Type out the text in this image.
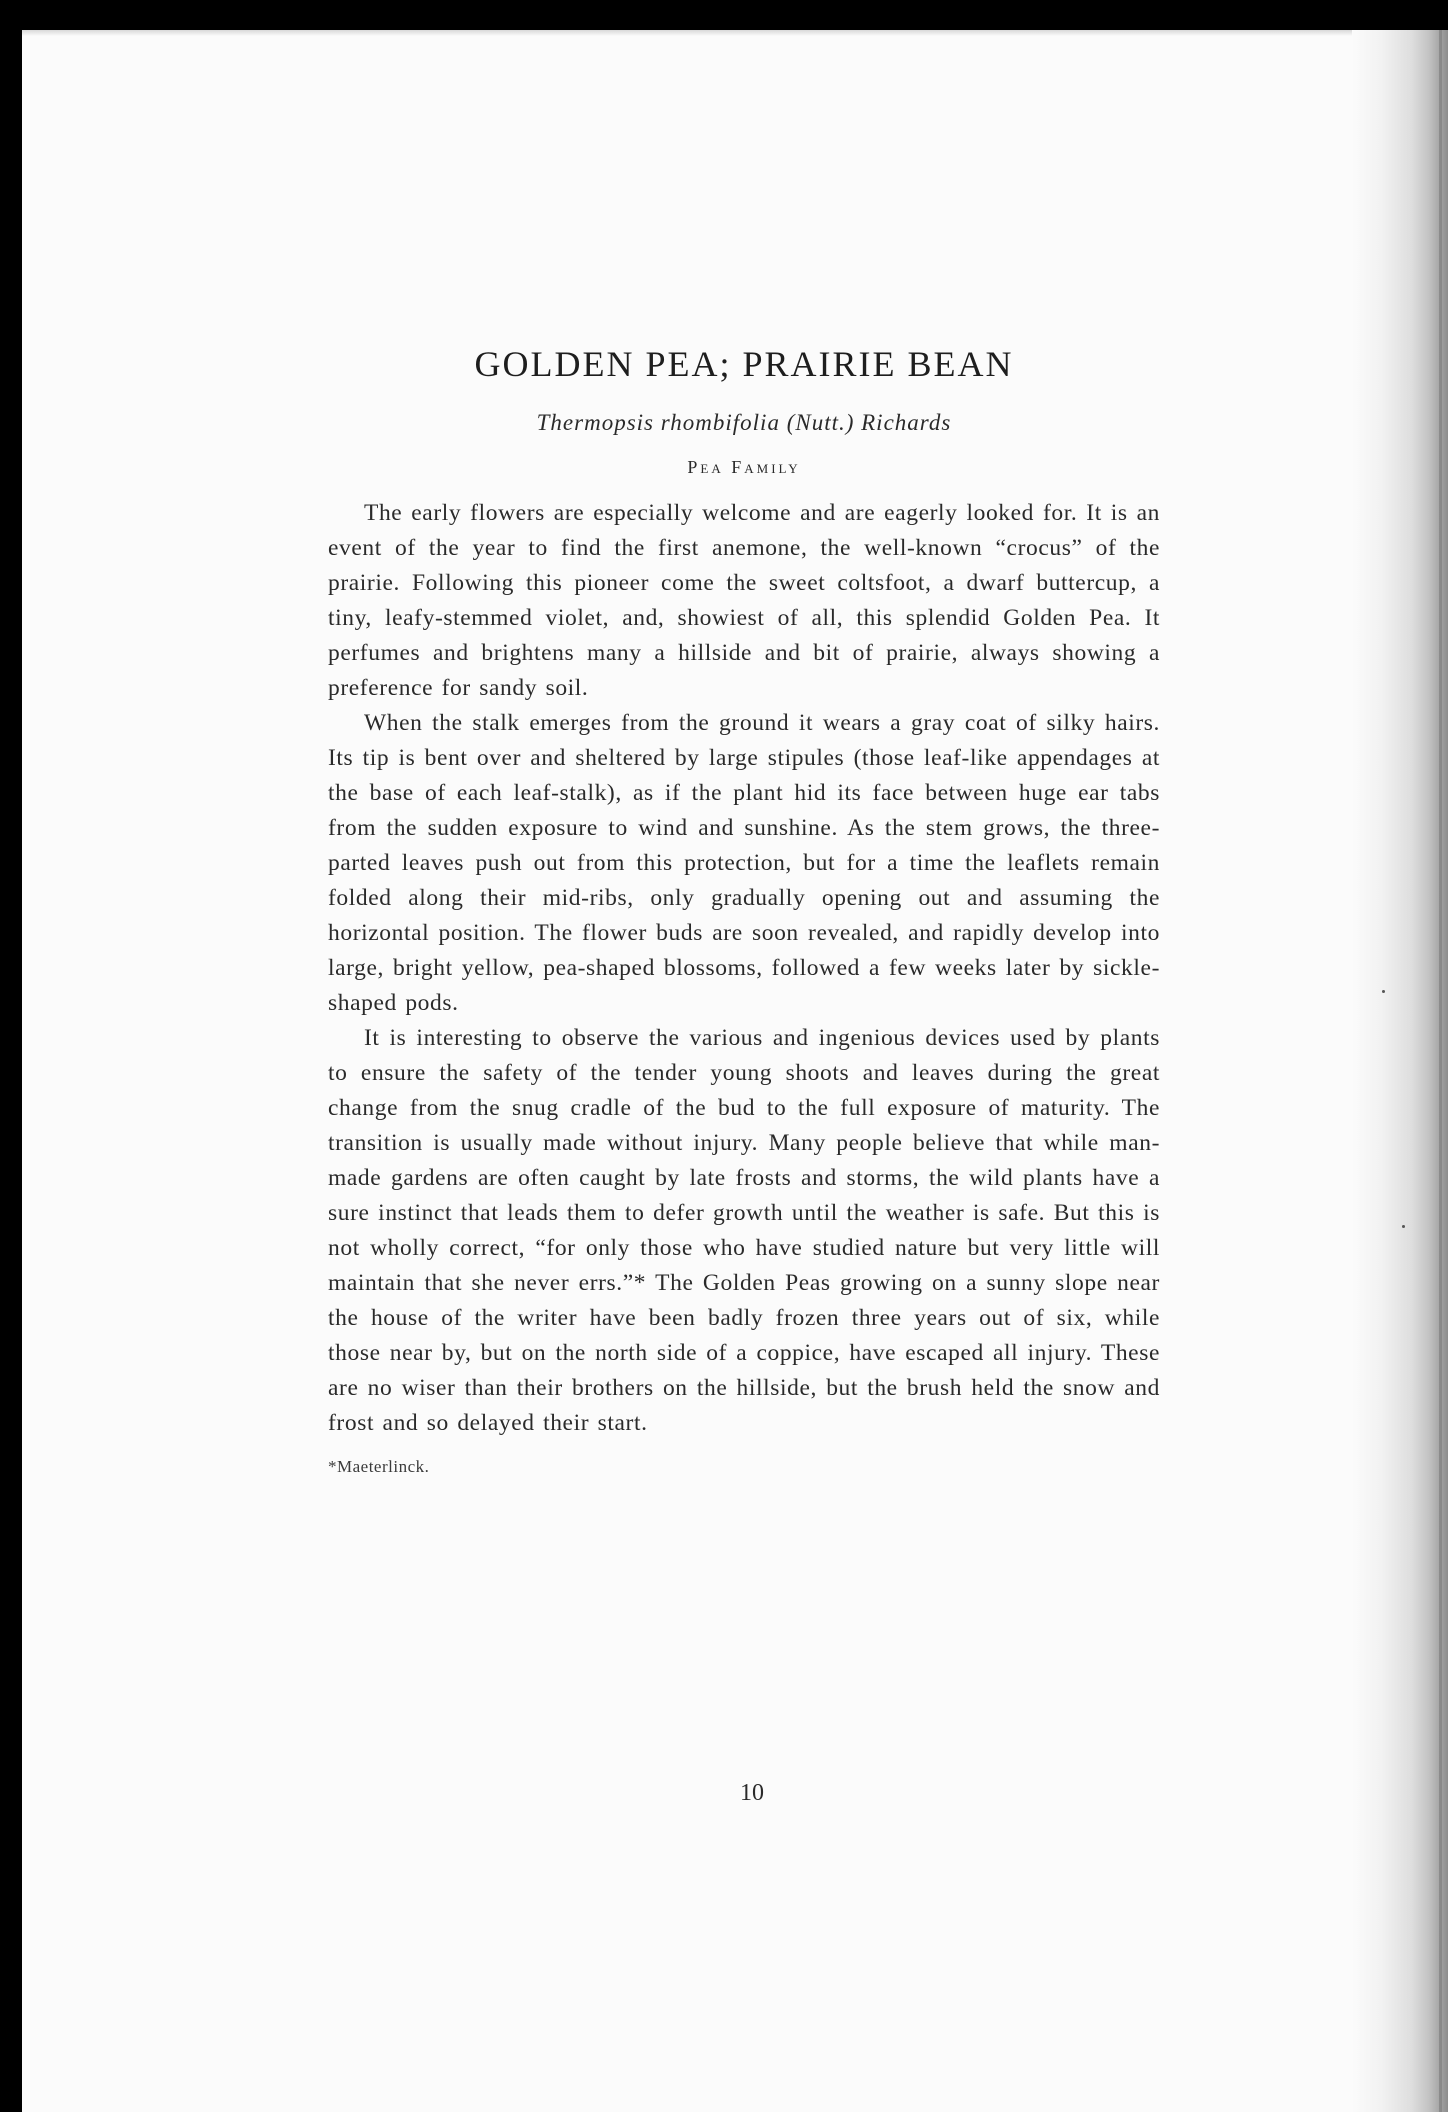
GOLDEN PEA; PRAIRIE BEAN

Thermopsis rhombifolia (Nutt.) Richards

Pea Family

The early flowers are especially welcome and are eagerly looked for. It is an event of the year to find the first anemone, the well-known “crocus” of the prairie. Following this pioneer come the sweet coltsfoot, a dwarf buttercup, a tiny, leafy-stemmed violet, and, showiest of all, this splendid Golden Pea. It perfumes and brightens many a hillside and bit of prairie, always showing a preference for sandy soil.

When the stalk emerges from the ground it wears a gray coat of silky hairs. Its tip is bent over and sheltered by large stipules (those leaf-like appendages at the base of each leaf-stalk), as if the plant hid its face between huge ear tabs from the sudden exposure to wind and sunshine. As the stem grows, the three-parted leaves push out from this protection, but for a time the leaflets remain folded along their mid-ribs, only gradually opening out and assuming the horizontal position. The flower buds are soon revealed, and rapidly develop into large, bright yellow, pea-shaped blossoms, followed a few weeks later by sickle-shaped pods.

It is interesting to observe the various and ingenious devices used by plants to ensure the safety of the tender young shoots and leaves during the great change from the snug cradle of the bud to the full exposure of maturity. The transition is usually made without injury. Many people believe that while man-made gardens are often caught by late frosts and storms, the wild plants have a sure instinct that leads them to defer growth until the weather is safe. But this is not wholly correct, “for only those who have studied nature but very little will maintain that she never errs.”* The Golden Peas growing on a sunny slope near the house of the writer have been badly frozen three years out of six, while those near by, but on the north side of a coppice, have escaped all injury. These are no wiser than their brothers on the hillside, but the brush held the snow and frost and so delayed their start.

*Maeterlinck.

10
